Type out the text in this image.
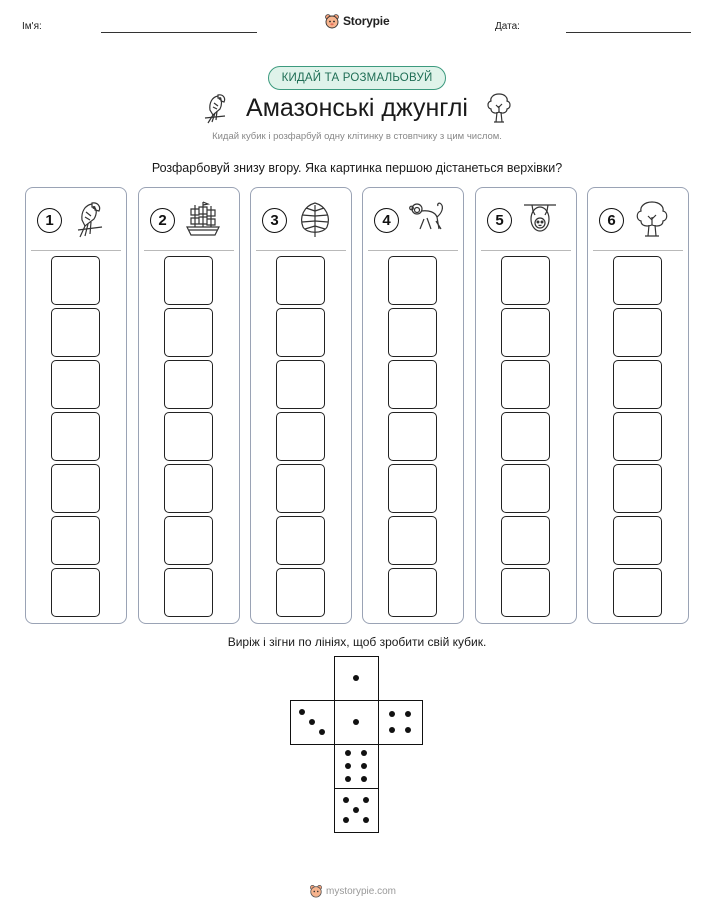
Ім'я:	Storypie	Дата:
КИДАЙ ТА РОЗМАЛЬОВУЙ
Амазонські джунглі
Кидай кубик і розфарбуй одну клітинку в стовпчику з цим числом.
Розфарбовуй знизу вгору. Яка картинка першою дістанеться верхівки?
1	2	3	4	5	6
Виріж і зігни по лініях, щоб зробити свій кубик.
mystorypie.com
